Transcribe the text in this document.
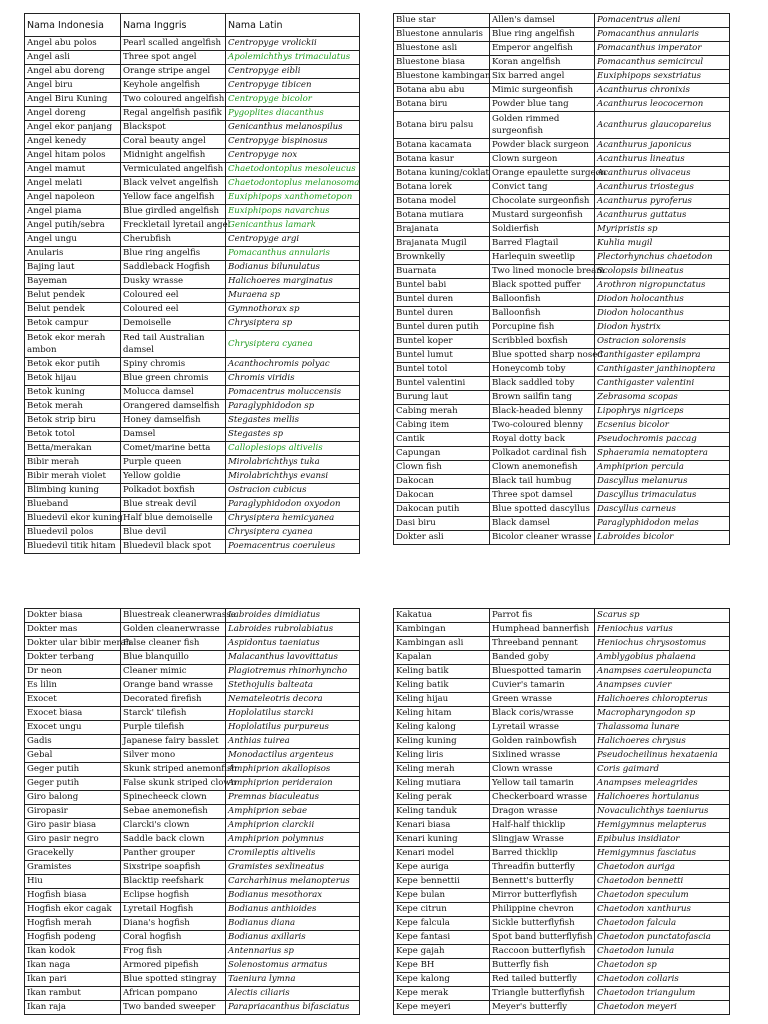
Nama Indonesia	Nama Inggris	Nama Latin
Angel abu polos	Pearl scalled angelfish	Centropyge vrolickii
Angel asli	Three spot angel	Apolemichthys trimaculatus
Angel abu doreng	Orange stripe angel	Centropyge eibli
Angel biru	Keyhole angelfish	Centropyge tibicen
Angel Biru Kuning	Two coloured angelfish	Centropyge bicolor
Angel doreng	Regal angelfish pasifik	Pygoplites diacanthus
Angel ekor panjang	Blackspot	Genicanthus melanospilus
Angel kenedy	Coral beauty angel	Centropyge bispinosus
Angel hitam polos	Midnight angelfish	Centropyge nox
Angel mamut	Vermiculated angelfish	Chaetodontoplus mesoleucus
Angel melati	Black velvet angelfish	Chaetodontoplus melanosoma
Angel napoleon	Yellow face angelfish	Euxiphipops xanthometopon
Angel piama	Blue girdled angelfish	Euxiphipops navarchus
Angel putih/sebra	Freckletail lyretail angel	Genicanthus lamark
Angel ungu	Cherubfish	Centropyge argi
Anularis	Blue ring angelfis	Pomacanthus annularis
Bajing laut	Saddleback Hogfish	Bodianus bilunulatus
Bayeman	Dusky wrasse	Halichoeres marginatus
Belut pendek	Coloured eel	Muraena sp
Belut pendek	Coloured eel	Gymnothorax sp
Betok campur	Demoiselle	Chrysiptera sp
Betok ekor merah ambon	Red tail Australian damsel	Chrysiptera cyanea
Betok ekor putih	Spiny chromis	Acanthochromis polyac
Betok hijau	Blue green chromis	Chromis viridis
Betok kuning	Molucca damsel	Pomacentrus moluccensis
Betok merah	Orangered damselfish	Paraglyphidodon sp
Betok strip biru	Honey damselfish	Stegastes mellis
Betok totol	Damsel	Stegastes sp
Betta/merakan	Comet/marine betta	Calloplesiops altivelis
Bibir merah	Purple queen	Mirolabrichthys tuka
Bibir merah violet	Yellow goldie	Mirolabrichthys evansi
Blimbing kuning	Polkadot boxfish	Ostracion cubicus
Blueband	Blue streak devil	Paraglyphidodon oxyodon
Bluedevil ekor kuning	Half blue demoiselle	Chrysiptera hemicyanea
Bluedevil polos	Blue devil	Chrysiptera cyanea
Bluedevil titik hitam	Bluedevil black spot	Poemacentrus coeruleus
Blue star	Allen's damsel	Pomacentrus alleni
Bluestone annularis	Blue ring angelfish	Pomacanthus annularis
Bluestone asli	Emperor angelfish	Pomacanthus imperator
Bluestone biasa	Koran angelfish	Pomacanthus semicircul
Bluestone kambingan	Six barred angel	Euxiphipops sexstriatus
Botana abu abu	Mimic surgeonfish	Acanthurus chronixis
Botana biru	Powder blue tang	Acanthurus leococernon
Botana biru palsu	Golden rimmed surgeonfish	Acanthurus glaucopareius
Botana kacamata	Powder black surgeon	Acanthurus japonicus
Botana kasur	Clown surgeon	Acanthurus lineatus
Botana kuning/coklat	Orange epaulette surgeon	Acanthurus olivaceus
Botana lorek	Convict tang	Acanthurus triostegus
Botana model	Chocolate surgeonfish	Acanthurus pyroferus
Botana mutiara	Mustard surgeonfish	Acanthurus guttatus
Brajanata	Soldierfish	Myripristis sp
Brajanata Mugil	Barred Flagtail	Kuhlia mugil
Brownkelly	Harlequin sweetlip	Plectorhynchus chaetodon
Buarnata	Two lined monocle bream	Scolopsis bilineatus
Buntel babi	Black spotted puffer	Arothron nigropunctatus
Buntel duren	Balloonfish	Diodon holocanthus
Buntel duren	Balloonfish	Diodon holocanthus
Buntel duren putih	Porcupine fish	Diodon hystrix
Buntel koper	Scribbled boxfish	Ostracion solorensis
Buntel lumut	Blue spotted sharp nosed	Canthigaster epilampra
Buntel totol	Honeycomb toby	Canthigaster janthinoptera
Buntel valentini	Black saddled toby	Canthigaster valentini
Burung laut	Brown sailfin tang	Zebrasoma scopas
Cabing merah	Black-headed blenny	Lipophrys nigriceps
Cabing item	Two-coloured blenny	Ecsenius bicolor
Cantik	Royal dotty back	Pseudochromis paccag
Capungan	Polkadot cardinal fish	Sphaeramia nematoptera
Clown fish	Clown anemonefish	Amphiprion percula
Dakocan	Black tail humbug	Dascyllus melanurus
Dakocan	Three spot damsel	Dascyllus trimaculatus
Dakocan putih	Blue spotted dascyllus	Dascyllus carneus
Dasi biru	Black damsel	Paraglyphidodon melas
Dokter asli	Bicolor cleaner wrasse	Labroides bicolor
Dokter biasa	Bluestreak cleanerwrasse	Labroides dimidiatus
Dokter mas	Golden cleanerwrasse	Labroides rubrolabiatus
Dokter ular bibir merah	False cleaner fish	Aspidontus taeniatus
Dokter terbang	Blue blanquillo	Malacanthus lavovittatus
Dr neon	Cleaner mimic	Plagiotremus rhinorhyncho
Es lilin	Orange band wrasse	Stethojulis balteata
Exocet	Decorated firefish	Nemateleotris decora
Exocet biasa	Starck' tilefish	Hoplolatilus starcki
Exocet ungu	Purple tilefish	Hoplolatilus purpureus
Gadis	Japanese fairy basslet	Anthias tuirea
Gebal	Silver mono	Monodactilus argenteus
Geger putih	Skunk striped anemonfish	Amphiprion akallopisos
Geger putih	False skunk striped clown	Amphiprion perideraion
Giro balong	Spinecheeck clown	Premnas biaculeatus
Giropasir	Sebae anemonefish	Amphiprion sebae
Giro pasir biasa	Clarcki's clown	Amphiprion clarckii
Giro pasir negro	Saddle back clown	Amphiprion polymnus
Gracekelly	Panther grouper	Cromileptis altivelis
Gramistes	Sixstripe soapfish	Gramistes sexlineatus
Hiu	Blacktip reefshark	Carcharhinus melanopterus
Hogfish biasa	Eclipse hogfish	Bodianus mesothorax
Hogfish ekor cagak	Lyretail Hogfish	Bodianus anthioides
Hogfish merah	Diana's hogfish	Bodianus diana
Hogfish podeng	Coral hogfish	Bodianus axillaris
Ikan kodok	Frog fish	Antennarius sp
Ikan naga	Armored pipefish	Solenostomus armatus
Ikan pari	Blue spotted stingray	Taeniura lymna
Ikan rambut	African pompano	Alectis ciliaris
Ikan raja	Two banded sweeper	Parapriacanthus bifasciatus
Kakatua	Parrot fis	Scarus sp
Kambingan	Humphead bannerfish	Heniochus varius
Kambingan asli	Threeband pennant	Heniochus chrysostomus
Kapalan	Banded goby	Amblygobius phalaena
Keling batik	Bluespotted tamarin	Anampses caeruleopuncta
Keling batik	Cuvier's tamarin	Anampses cuvier
Keling hijau	Green wrasse	Halichoeres chloropterus
Keling hitam	Black coris/wrasse	Macropharyngodon sp
Keling kalong	Lyretail wrasse	Thalassoma lunare
Keling kuning	Golden rainbowfish	Halichoeres chrysus
Keling liris	Sixlined wrasse	Pseudocheilinus hexataenia
Keling merah	Clown wrasse	Coris gaimard
Keling mutiara	Yellow tail tamarin	Anampses meleagrides
Keling perak	Checkerboard wrasse	Halichoeres hortulanus
Keling tanduk	Dragon wrasse	Novaculichthys taeniurus
Kenari biasa	Half-half thicklip	Hemigymnus melapterus
Kenari kuning	Slingjaw Wrasse	Epibulus insidiator
Kenari model	Barred thicklip	Hemigymnus fasciatus
Kepe auriga	Threadfin butterfly	Chaetodon auriga
Kepe bennettii	Bennett's butterfly	Chaetodon bennetti
Kepe bulan	Mirror butterflyfish	Chaetodon speculum
Kepe citrun	Philippine chevron	Chaetodon xanthurus
Kepe falcula	Sickle butterflyfish	Chaetodon falcula
Kepe fantasi	Spot band butterflyfish	Chaetodon punctatofascia
Kepe gajah	Raccoon butterflyfish	Chaetodon lunula
Kepe BH	Butterfly fish	Chaetodon sp
Kepe kalong	Red tailed butterfly	Chaetodon collaris
Kepe merak	Triangle butterflyfish	Chaetodon triangulum
Kepe meyeri	Meyer's butterfly	Chaetodon meyeri
